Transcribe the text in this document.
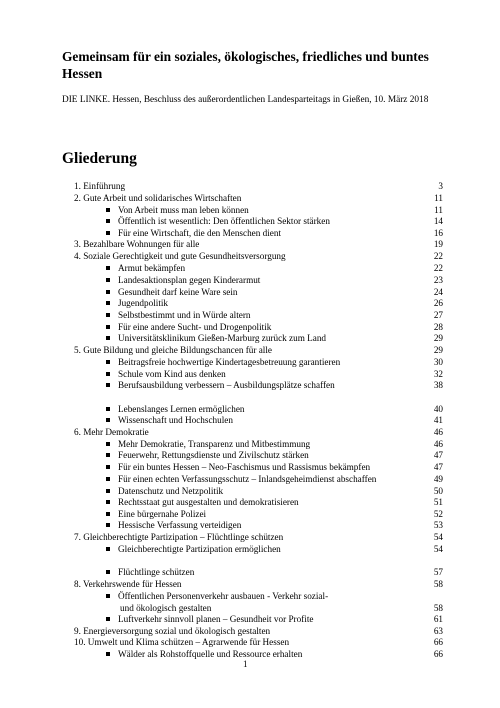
Gemeinsam für ein soziales, ökologisches, friedliches und buntes Hessen
DIE LINKE. Hessen, Beschluss des außerordentlichen Landesparteitags in Gießen, 10. März 2018
Gliederung
1. Einführung	3
2. Gute Arbeit und solidarisches Wirtschaften	11
Von Arbeit muss man leben können	11
Öffentlich ist wesentlich: Den öffentlichen Sektor stärken	14
Für eine Wirtschaft, die den Menschen dient	16
3. Bezahlbare Wohnungen für alle	19
4. Soziale Gerechtigkeit und gute Gesundheitsversorgung	22
Armut bekämpfen	22
Landesaktionsplan gegen Kinderarmut	23
Gesundheit darf keine Ware sein	24
Jugendpolitik	26
Selbstbestimmt und in Würde altern	27
Für eine andere Sucht- und Drogenpolitik	28
Universitätsklinikum Gießen-Marburg zurück zum Land	29
5. Gute Bildung und gleiche Bildungschancen für alle	29
Beitragsfreie hochwertige Kindertagesbetreuung garantieren	30
Schule vom Kind aus denken	32
Berufsausbildung verbessern – Ausbildungsplätze schaffen	38
Lebenslanges Lernen ermöglichen	40
Wissenschaft und Hochschulen	41
6. Mehr Demokratie	46
Mehr Demokratie, Transparenz und Mitbestimmung	46
Feuerwehr, Rettungsdienste und Zivilschutz stärken	47
Für ein buntes Hessen – Neo-Faschismus und Rassismus bekämpfen	47
Für einen echten Verfassungsschutz – Inlandsgeheimdienst abschaffen	49
Datenschutz und Netzpolitik	50
Rechtsstaat gut ausgestalten und demokratisieren	51
Eine bürgernahe Polizei	52
Hessische Verfassung verteidigen	53
7. Gleichberechtigte Partizipation – Flüchtlinge schützen	54
Gleichberechtigte Partizipation ermöglichen	54
Flüchtlinge schützen	57
8. Verkehrswende für Hessen	58
Öffentlichen Personenverkehr ausbauen - Verkehr sozial-
und ökologisch gestalten	58
Luftverkehr sinnvoll planen – Gesundheit vor Profite	61
9. Energieversorgung sozial und ökologisch gestalten	63
10. Umwelt und Klima schützen – Agrarwende für Hessen	66
Wälder als Rohstoffquelle und Ressource erhalten	66
1
